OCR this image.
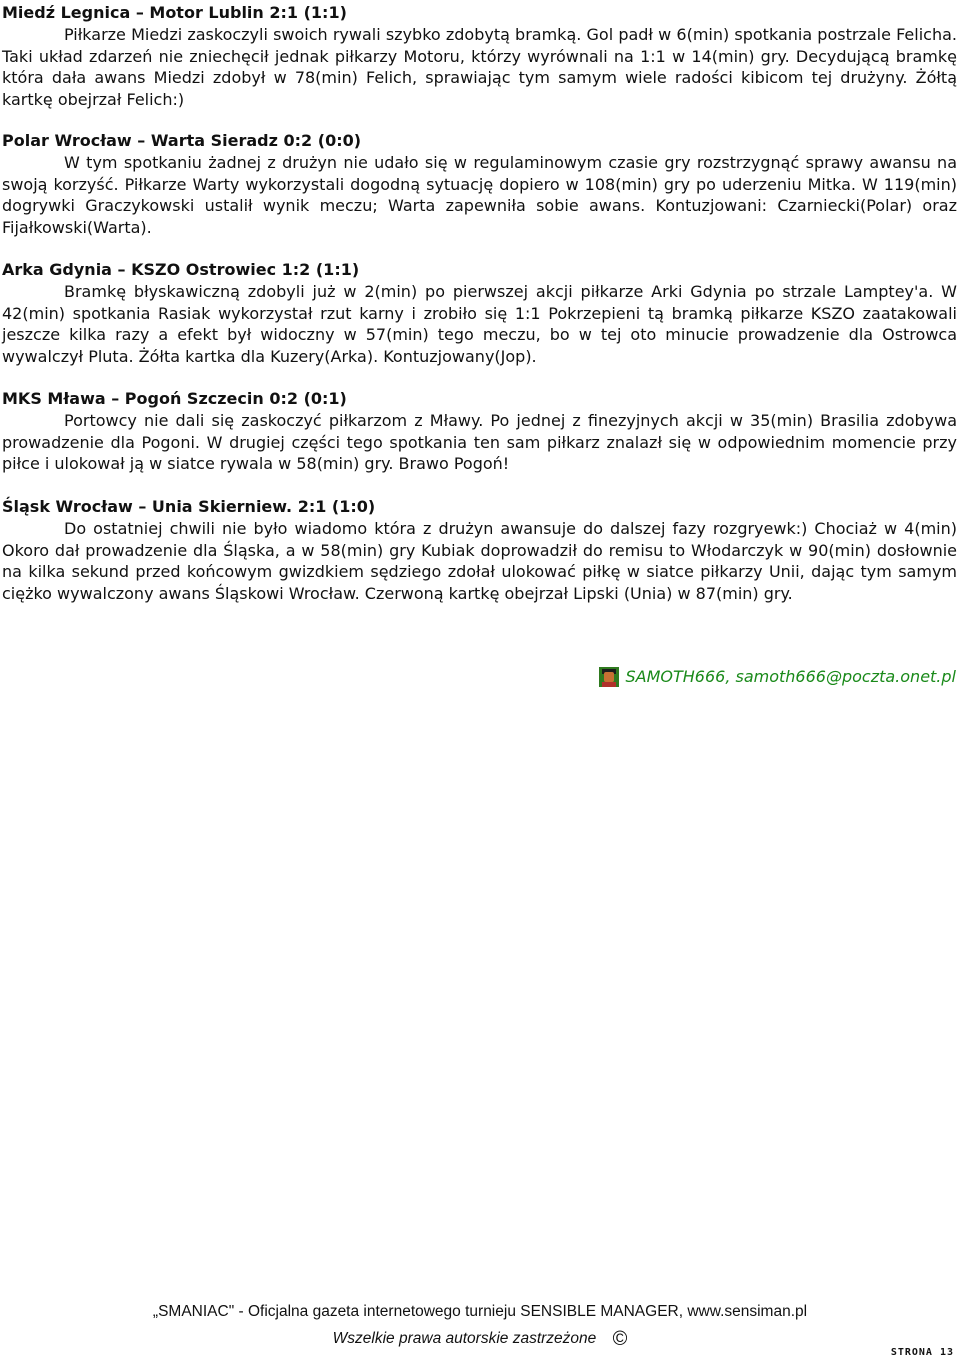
Miedź Legnica – Motor Lublin 2:1 (1:1)

Piłkarze Miedzi zaskoczyli swoich rywali szybko zdobytą bramką. Gol padł w 6(min) spotkania postrzale Felicha. Taki układ zdarzeń nie zniechęcił jednak piłkarzy Motoru, którzy wyrównali na 1:1 w 14(min) gry. Decydującą bramkę która dała awans Miedzi zdobył w 78(min) Felich, sprawiając tym samym wiele radości kibicom tej drużyny. Żółtą kartkę obejrzał Felich:)

Polar Wrocław – Warta Sieradz 0:2 (0:0)

W tym spotkaniu żadnej z drużyn nie udało się w regulaminowym czasie gry rozstrzygnąć sprawy awansu na swoją korzyść. Piłkarze Warty wykorzystali dogodną sytuację dopiero w 108(min) gry po uderzeniu Mitka. W 119(min) dogrywki Graczykowski ustalił wynik meczu; Warta zapewniła sobie awans. Kontuzjowani: Czarniecki(Polar) oraz Fijałkowski(Warta).

Arka Gdynia – KSZO Ostrowiec 1:2 (1:1)

Bramkę błyskawiczną zdobyli już w 2(min) po pierwszej akcji piłkarze Arki Gdynia po strzale Lamptey'a. W 42(min) spotkania Rasiak wykorzystał rzut karny i zrobiło się 1:1 Pokrzepieni tą bramką piłkarze KSZO zaatakowali jeszcze kilka razy a efekt był widoczny w 57(min) tego meczu, bo w tej oto minucie prowadzenie dla Ostrowca wywalczył Pluta. Żółta kartka dla Kuzery(Arka). Kontuzjowany(Jop).

MKS Mława – Pogoń Szczecin 0:2 (0:1)

Portowcy nie dali się zaskoczyć piłkarzom z Mławy. Po jednej z finezyjnych akcji w 35(min) Brasilia zdobywa prowadzenie dla Pogoni. W drugiej części tego spotkania ten sam piłkarz znalazł się w odpowiednim momencie przy piłce i ulokował ją w siatce rywala w 58(min) gry. Brawo Pogoń!

Śląsk Wrocław – Unia Skierniew. 2:1 (1:0)

Do ostatniej chwili nie było wiadomo która z drużyn awansuje do dalszej fazy rozgryewk:) Chociaż w 4(min) Okoro dał prowadzenie dla Śląska, a w 58(min) gry Kubiak doprowadził do remisu to Włodarczyk w 90(min) dosłownie na kilka sekund przed końcowym gwizdkiem sędziego zdołał ulokować piłkę w siatce piłkarzy Unii, dając tym samym ciężko wywalczony awans Śląskowi Wrocław. Czerwoną kartkę obejrzał Lipski (Unia) w 87(min) gry.

SAMOTH666, samoth666@poczta.onet.pl
„SMANIAC" - Oficjalna gazeta internetowego turnieju SENSIBLE MANAGER, www.sensiman.pl
Wszelkie prawa autorskie zastrzeżone ©
STRONA 13
